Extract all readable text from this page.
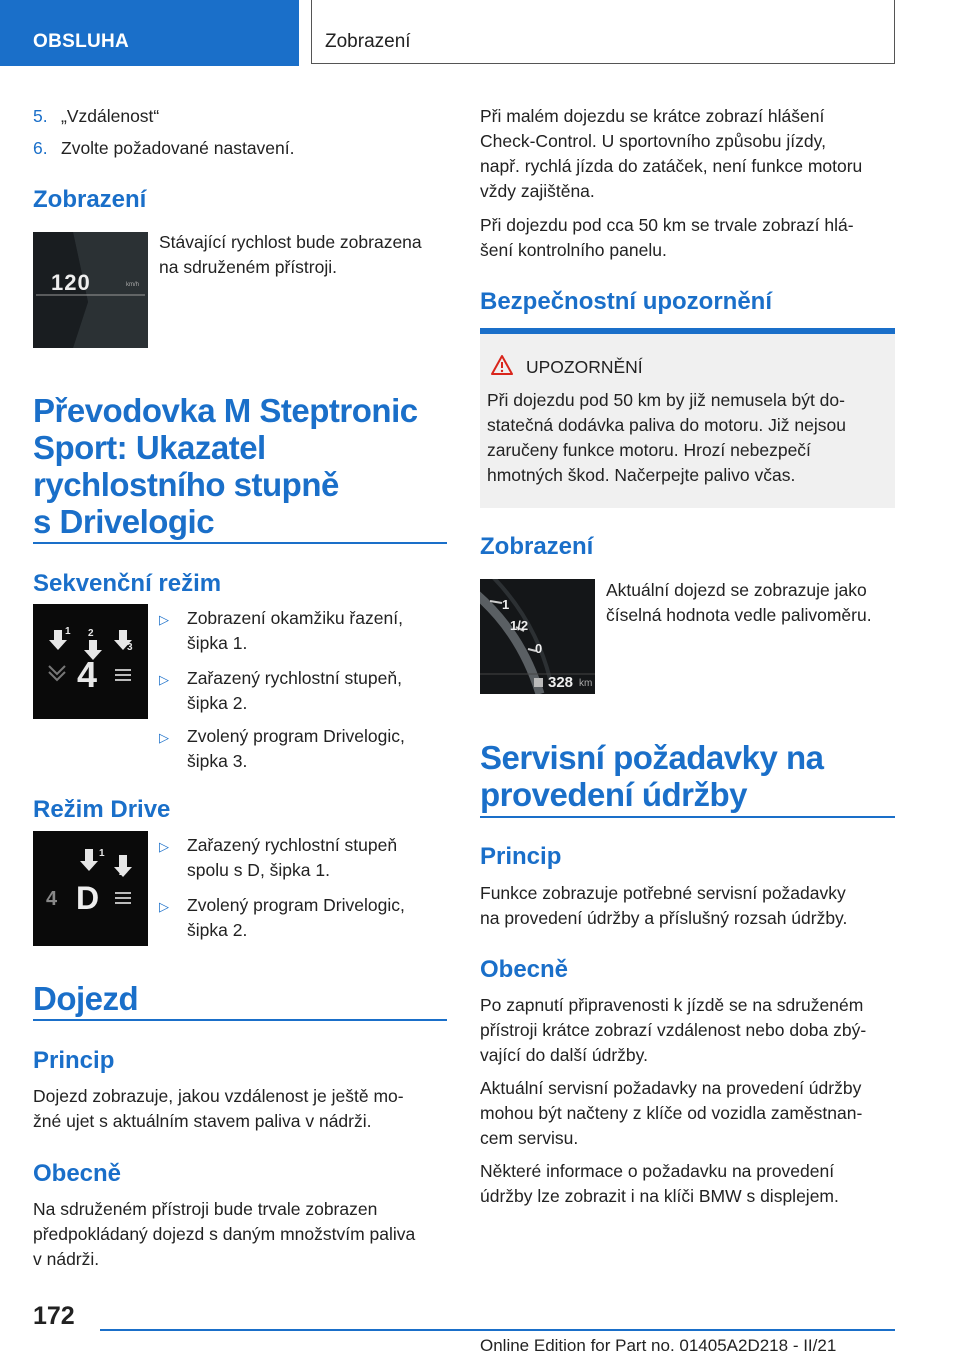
OBSLUHA	Zobrazení
5. „Vzdálenost“
6. Zvolte požadované nastavení.
Zobrazení
120	km/h
Stávající rychlost bude zobrazena
na sdruženém přístroji.
Převodovka M Steptronic
Sport: Ukazatel
rychlostního stupně
s Drivelogic
Sekvenční režim
1 2
3
4
▷ Zobrazení okamžiku řazení,
šipka 1.
▷ Zařazený rychlostní stupeň,
šipka 2.
▷ Zvolený program Drivelogic,
šipka 3.
Režim Drive
1
2
4 D
▷ Zařazený rychlostní stupeň
spolu s D, šipka 1.
▷ Zvolený program Drivelogic,
šipka 2.
Dojezd
Princip
Dojezd zobrazuje, jakou vzdálenost je ještě mo‐
žné ujet s aktuálním stavem paliva v nádrži.
Obecně
Na sdruženém přístroji bude trvale zobrazen
předpokládaný dojezd s daným množstvím paliva
v nádrži.
Při malém dojezdu se krátce zobrazí hlášení
Check-Control. U sportovního způsobu jízdy,
např. rychlá jízda do zatáček, není funkce motoru
vždy zajištěna.
Při dojezdu pod cca 50 km se trvale zobrazí hlá‐
šení kontrolního panelu.
Bezpečnostní upozornění
UPOZORNĚNÍ
Při dojezdu pod 50 km by již nemusela být do‐
statečná dodávka paliva do motoru. Již nejsou
zaručeny funkce motoru. Hrozí nebezpečí
hmotných škod. Načerpejte palivo včas.
Zobrazení
1
1/2
0
328 km
Aktuální dojezd se zobrazuje jako
číselná hodnota vedle palivoměru.
Servisní požadavky na
provedení údržby
Princip
Funkce zobrazuje potřebné servisní požadavky
na provedení údržby a příslušný rozsah údržby.
Obecně
Po zapnutí připravenosti k jízdě se na sdruženém
přístroji krátce zobrazí vzdálenost nebo doba zbý‐
vající do další údržby.
Aktuální servisní požadavky na provedení údržby
mohou být načteny z klíče od vozidla zaměstnan‐
cem servisu.
Některé informace o požadavku na provedení
údržby lze zobrazit i na klíči BMW s displejem.
172
Online Edition for Part no. 01405A2D218 - II/21
